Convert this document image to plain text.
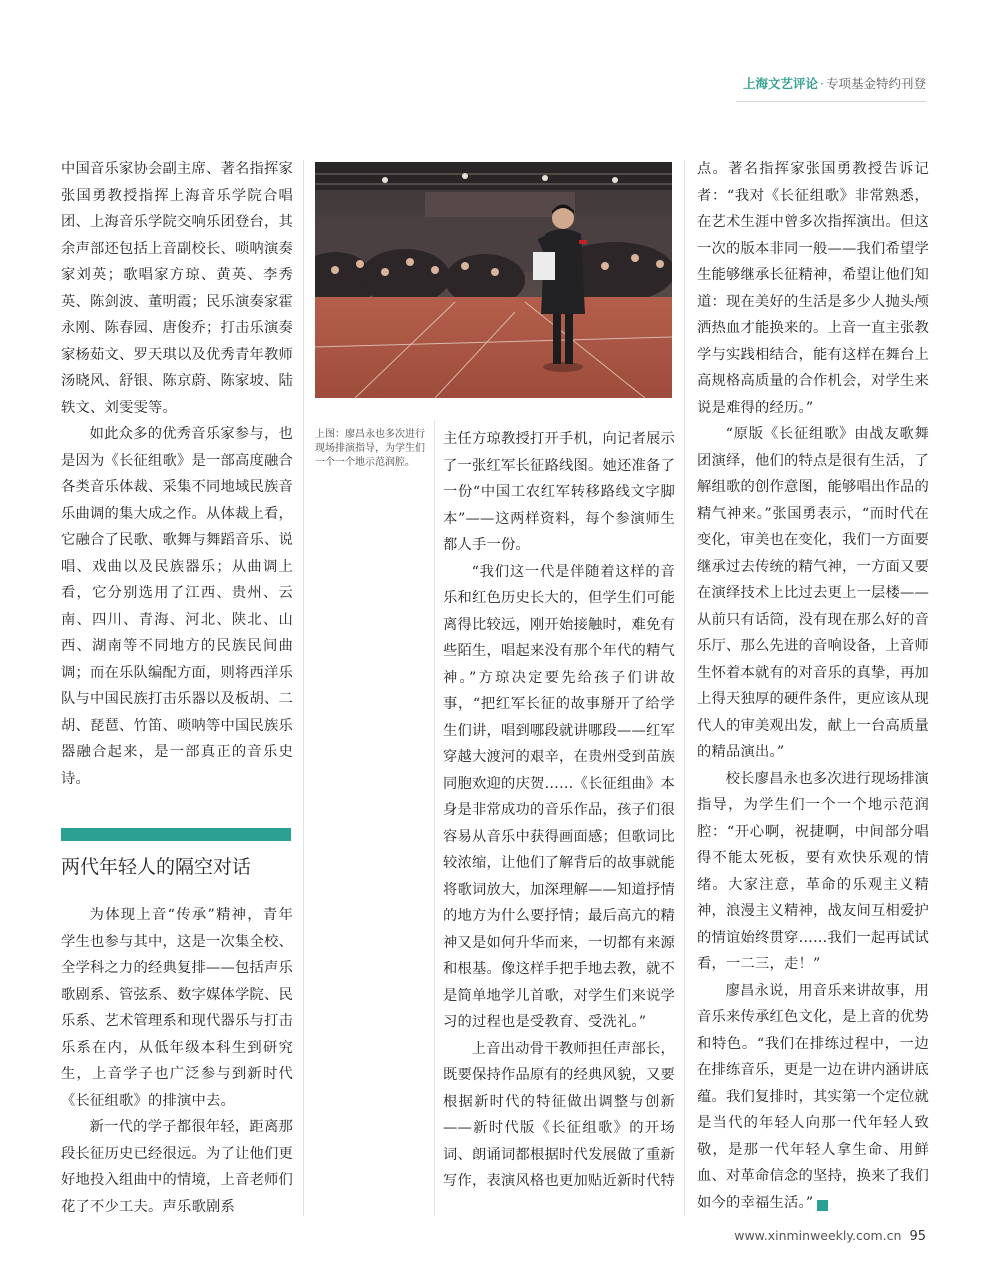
上海文艺评论 · 专项基金特约刊登

中国音乐家协会副主席、著名指挥家张国勇教授指挥上海音乐学院合唱团、上海音乐学院交响乐团登台，其余声部还包括上音副校长、唢呐演奏家刘英；歌唱家方琼、黄英、李秀英、陈剑波、董明霞；民乐演奏家霍永刚、陈春园、唐俊乔；打击乐演奏家杨茹文、罗天琪以及优秀青年教师汤晓风、舒银、陈京蔚、陈家坡、陆轶文、刘雯雯等。

如此众多的优秀音乐家参与，也是因为《长征组歌》是一部高度融合各类音乐体裁、采集不同地域民族音乐曲调的集大成之作。从体裁上看，它融合了民歌、歌舞与舞蹈音乐、说唱、戏曲以及民族器乐；从曲调上看，它分别选用了江西、贵州、云南、四川、青海、河北、陕北、山西、湖南等不同地方的民族民间曲调；而在乐队编配方面，则将西洋乐队与中国民族打击乐器以及板胡、二胡、琵琶、竹笛、唢呐等中国民族乐器融合起来，是一部真正的音乐史诗。

两代年轻人的隔空对话

为体现上音“传承”精神，青年学生也参与其中，这是一次集全校、全学科之力的经典复排——包括声乐歌剧系、管弦系、数字媒体学院、民乐系、艺术管理系和现代器乐与打击乐系在内，从低年级本科生到研究生，上音学子也广泛参与到新时代《长征组歌》的排演中去。

新一代的学子都很年轻，距离那段长征历史已经很远。为了让他们更好地投入组曲中的情境，上音老师们花了不少工夫。声乐歌剧系

上图：廖昌永也多次进行现场排演指导，为学生们一个一个地示范润腔。

主任方琼教授打开手机，向记者展示了一张红军长征路线图。她还准备了一份“中国工农红军转移路线文字脚本”——这两样资料，每个参演师生都人手一份。

“我们这一代是伴随着这样的音乐和红色历史长大的，但学生们可能离得比较远，刚开始接触时，难免有些陌生，唱起来没有那个年代的精气神。”方琼决定要先给孩子们讲故事，“把红军长征的故事掰开了给学生们讲，唱到哪段就讲哪段——红军穿越大渡河的艰辛，在贵州受到苗族同胞欢迎的庆贺……《长征组曲》本身是非常成功的音乐作品，孩子们很容易从音乐中获得画面感；但歌词比较浓缩，让他们了解背后的故事就能将歌词放大，加深理解——知道抒情的地方为什么要抒情；最后高亢的精神又是如何升华而来，一切都有来源和根基。像这样手把手地去教，就不是简单地学儿首歌，对学生们来说学习的过程也是受教育、受洗礼。”

上音出动骨干教师担任声部长，既要保持作品原有的经典风貌，又要根据新时代的特征做出调整与创新——新时代版《长征组歌》的开场词、朗诵词都根据时代发展做了重新写作，表演风格也更加贴近新时代特

点。著名指挥家张国勇教授告诉记者：“我对《长征组歌》非常熟悉，在艺术生涯中曾多次指挥演出。但这一次的版本非同一般——我们希望学生能够继承长征精神，希望让他们知道：现在美好的生活是多少人抛头颅洒热血才能换来的。上音一直主张教学与实践相结合，能有这样在舞台上高规格高质量的合作机会，对学生来说是难得的经历。”

“原版《长征组歌》由战友歌舞团演绎，他们的特点是很有生活，了解组歌的创作意图，能够唱出作品的精气神来。”张国勇表示，“而时代在变化，审美也在变化，我们一方面要继承过去传统的精气神，一方面又要在演绎技术上比过去更上一层楼——从前只有话筒，没有现在那么好的音乐厅、那么先进的音响设备，上音师生怀着本就有的对音乐的真挚，再加上得天独厚的硬件条件，更应该从现代人的审美观出发，献上一台高质量的精品演出。”

校长廖昌永也多次进行现场排演指导，为学生们一个一个地示范润腔：“开心啊，祝捷啊，中间部分唱得不能太死板，要有欢快乐观的情绪。大家注意，革命的乐观主义精神，浪漫主义精神，战友间互相爱护的情谊始终贯穿……我们一起再试试看，一二三，走！”

廖昌永说，用音乐来讲故事，用音乐来传承红色文化，是上音的优势和特色。“我们在排练过程中，一边在排练音乐，更是一边在讲内涵讲底蕴。我们复排时，其实第一个定位就是当代的年轻人向那一代年轻人致敬，是那一代年轻人拿生命、用鲜血、对革命信念的坚持，换来了我们如今的幸福生活。”	民

www.xinminweekly.com.cn 95
